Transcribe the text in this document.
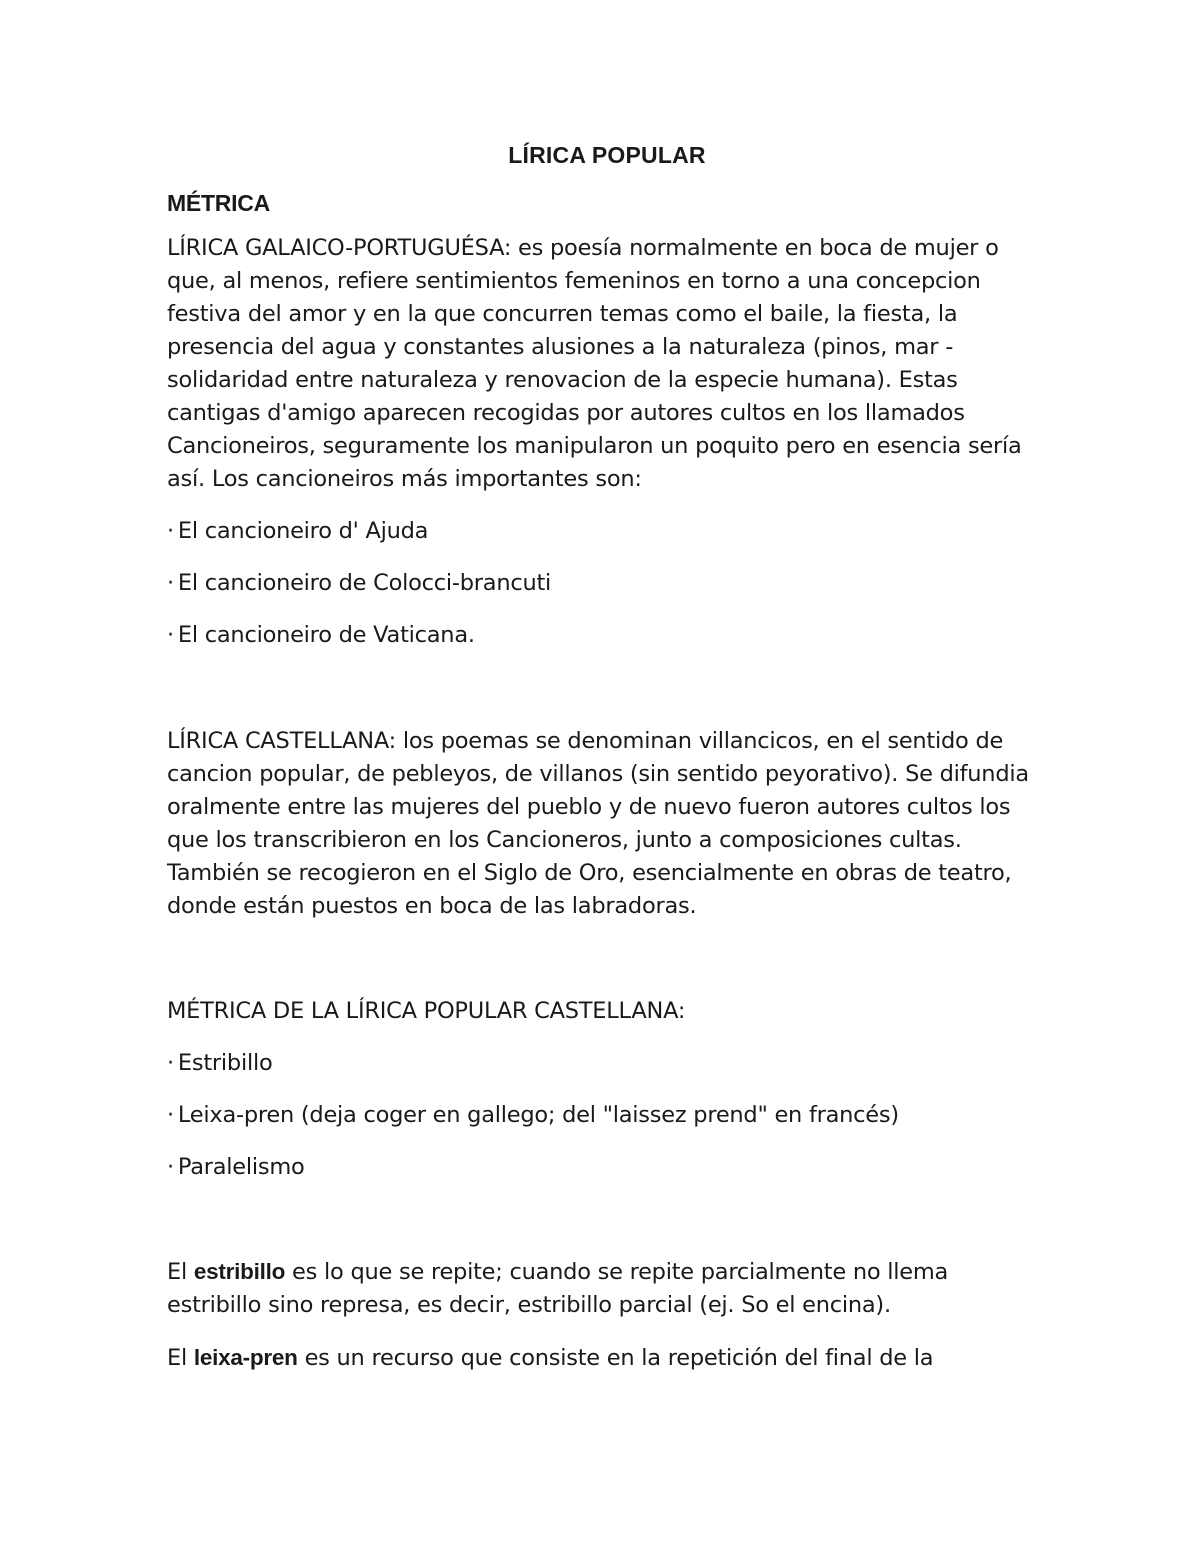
LÍRICA POPULAR
MÉTRICA

LÍRICA GALAICO-PORTUGUÉSA: es poesía normalmente en boca de mujer o que, al menos, refiere sentimientos femeninos en torno a una concepcion festiva del amor y en la que concurren temas como el baile, la fiesta, la presencia del agua y constantes alusiones a la naturaleza (pinos, mar - solidaridad entre naturaleza y renovacion de la especie humana). Estas cantigas d'amigo aparecen recogidas por autores cultos en los llamados Cancioneiros, seguramente los manipularon un poquito pero en esencia sería así. Los cancioneiros más importantes son:

· El cancioneiro d' Ajuda
· El cancioneiro de Colocci-brancuti
· El cancioneiro de Vaticana.

LÍRICA CASTELLANA: los poemas se denominan villancicos, en el sentido de cancion popular, de pebleyos, de villanos (sin sentido peyorativo). Se difundia oralmente entre las mujeres del pueblo y de nuevo fueron autores cultos los que los transcribieron en los Cancioneros, junto a composiciones cultas. También se recogieron en el Siglo de Oro, esencialmente en obras de teatro, donde están puestos en boca de las labradoras.

MÉTRICA DE LA LÍRICA POPULAR CASTELLANA:

· Estribillo
· Leixa-pren (deja coger en gallego; del "laissez prend" en francés)
· Paralelismo

El estribillo es lo que se repite; cuando se repite parcialmente no llema estribillo sino represa, es decir, estribillo parcial (ej. So el encina).

El leixa-pren es un recurso que consiste en la repetición del final de la
